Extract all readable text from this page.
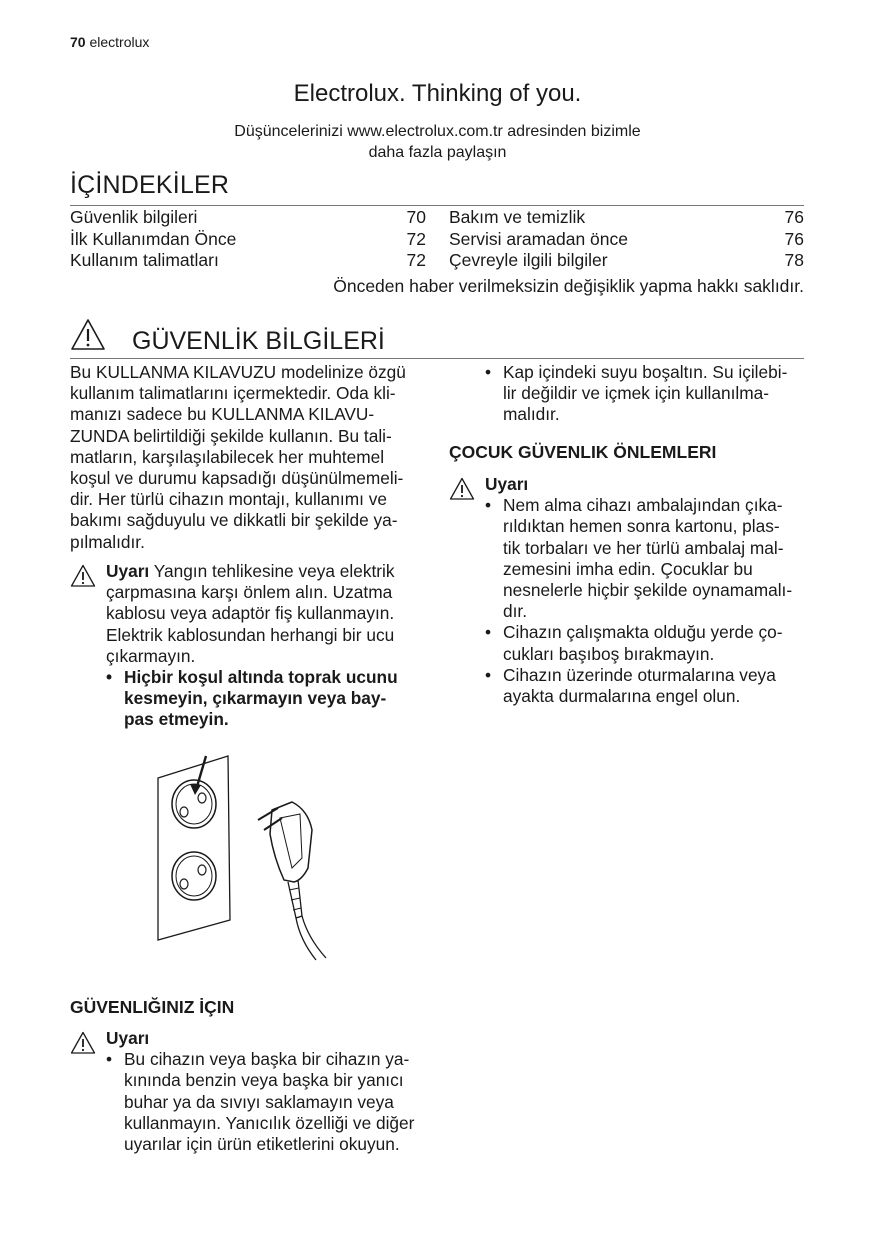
70 electrolux
Electrolux. Thinking of you.
Düşüncelerinizi www.electrolux.com.tr adresinden bizimle
daha fazla paylaşın
İÇİNDEKİLER
Güvenlik bilgileri	70
İlk Kullanımdan Önce	72
Kullanım talimatları	72
Bakım ve temizlik	76
Servisi aramadan önce	76
Çevreyle ilgili bilgiler	78
Önceden haber verilmeksizin değişiklik yapma hakkı saklıdır.
GÜVENLİK BİLGİLERİ
Bu KULLANMA KILAVUZU modelinize özgü
kullanım talimatlarını içermektedir. Oda kli-
manızı sadece bu KULLANMA KILAVU-
ZUNDA belirtildiği şekilde kullanın. Bu tali-
matların, karşılaşılabilecek her muhtemel
koşul ve durumu kapsadığı düşünülmemeli-
dir. Her türlü cihazın montajı, kullanımı ve
bakımı sağduyulu ve dikkatli bir şekilde ya-
pılmalıdır.
Uyarı Yangın tehlikesine veya elektrik
çarpmasına karşı önlem alın. Uzatma
kablosu veya adaptör fiş kullanmayın.
Elektrik kablosundan herhangi bir ucu
çıkarmayın.
• Hiçbir koşul altında toprak ucunu
kesmeyin, çıkarmayın veya bay-
pas etmeyin.
GÜVENLIĞINIZ İÇIN
Uyarı
• Bu cihazın veya başka bir cihazın ya-
kınında benzin veya başka bir yanıcı
buhar ya da sıvıyı saklamayın veya
kullanmayın. Yanıcılık özelliği ve diğer
uyarılar için ürün etiketlerini okuyun.
• Kap içindeki suyu boşaltın. Su içilebi-
lir değildir ve içmek için kullanılma-
malıdır.
ÇOCUK GÜVENLIK ÖNLEMLERI
Uyarı
• Nem alma cihazı ambalajından çıka-
rıldıktan hemen sonra kartonu, plas-
tik torbaları ve her türlü ambalaj mal-
zemesini imha edin. Çocuklar bu
nesnelerle hiçbir şekilde oynamamalı-
dır.
• Cihazın çalışmakta olduğu yerde ço-
cukları başıboş bırakmayın.
• Cihazın üzerinde oturmalarına veya
ayakta durmalarına engel olun.
